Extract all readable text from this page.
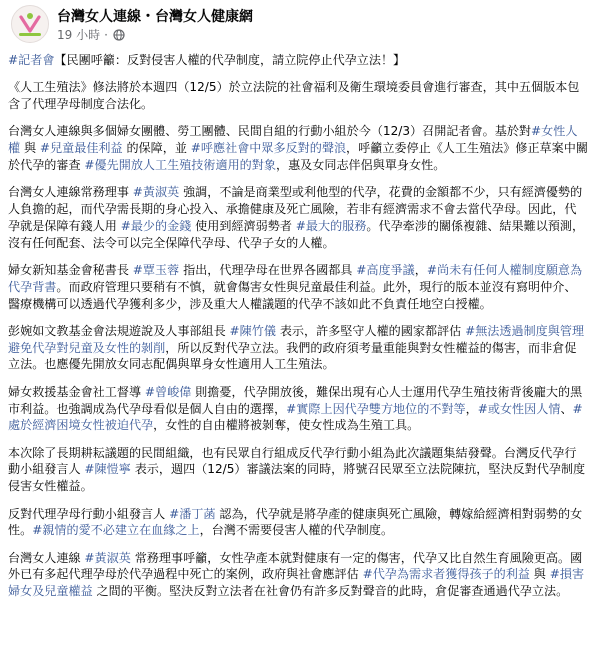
台灣女人連線・台灣女人健康網
19 小時 ·

#記者會【民團呼籲：反對侵害人權的代孕制度，請立院停止代孕立法！】

《人工生殖法》修法將於本週四（12/5）於立法院的社會福利及衛生環境委員會進行審查，其中五個版本包含了代理孕母制度合法化。

台灣女人連線與多個婦女團體、勞工團體、民間自組的行動小組於今（12/3）召開記者會。基於對#女性人權 與 #兒童最佳利益 的保障，並 #呼應社會中眾多反對的聲浪，呼籲立委停止《人工生殖法》修正草案中關於代孕的審查 #優先開放人工生殖技術適用的對象，惠及女同志伴侶與單身女性。

台灣女人連線常務理事 #黃淑英 強調，不論是商業型或利他型的代孕，花費的金額都不少，只有經濟優勢的人負擔的起，而代孕需長期的身心投入、承擔健康及死亡風險，若非有經濟需求不會去當代孕母。因此，代孕就是保障有錢人用 #最少的金錢 使用到經濟弱勢者 #最大的服務。代孕牽涉的關係複雜、結果難以預測，沒有任何配套、法令可以完全保障代孕母、代孕子女的人權。

婦女新知基金會秘書長 #覃玉蓉 指出，代理孕母在世界各國都具 #高度爭議，#尚未有任何人權制度願意為代孕背書。而政府管理只要稍有不慎，就會傷害女性與兒童最佳利益。此外，現行的版本並沒有寫明仲介、醫療機構可以透過代孕獲利多少，涉及重大人權議題的代孕不該如此不負責任地空白授權。

彭婉如文教基金會法規遊說及人事部組長 #陳竹儀 表示，許多堅守人權的國家都評估 #無法透過制度與管理避免代孕對兒童及女性的剝削，所以反對代孕立法。我們的政府須考量重能與對女性權益的傷害，而非倉促立法。也應優先開放女同志配偶與單身女性適用人工生殖法。

婦女救援基金會社工督導 #曾峻偉 則擔憂，代孕開放後，難保出現有心人士運用代孕生殖技術背後龐大的黑市利益。也強調成為代孕母看似是個人自由的選擇，#實際上因代孕雙方地位的不對等，#或女性因人情、#處於經濟困境女性被迫代孕，女性的自由權將被剝奪，使女性成為生殖工具。

本次除了長期耕耘議題的民間組織，也有民眾自行組成反代孕行動小組為此次議題集結發聲。台灣反代孕行動小組發言人 #陳愷寧 表示，週四（12/5）審議法案的同時，將號召民眾至立法院陳抗，堅決反對代孕制度侵害女性權益。

反對代理孕母行動小組發言人 #潘丁菡 認為，代孕就是將孕產的健康與死亡風險，轉嫁給經濟相對弱勢的女性。#親情的愛不必建立在血緣之上，台灣不需要侵害人權的代孕制度。

台灣女人連線 #黃淑英 常務理事呼籲，女性孕產本就對健康有一定的傷害，代孕又比自然生育風險更高。國外已有多起代理孕母於代孕過程中死亡的案例，政府與社會應評估 #代孕為需求者獲得孩子的利益 與 #損害婦女及兒童權益 之間的平衡。堅決反對立法者在社會仍有許多反對聲音的此時，倉促審查通過代孕立法。
